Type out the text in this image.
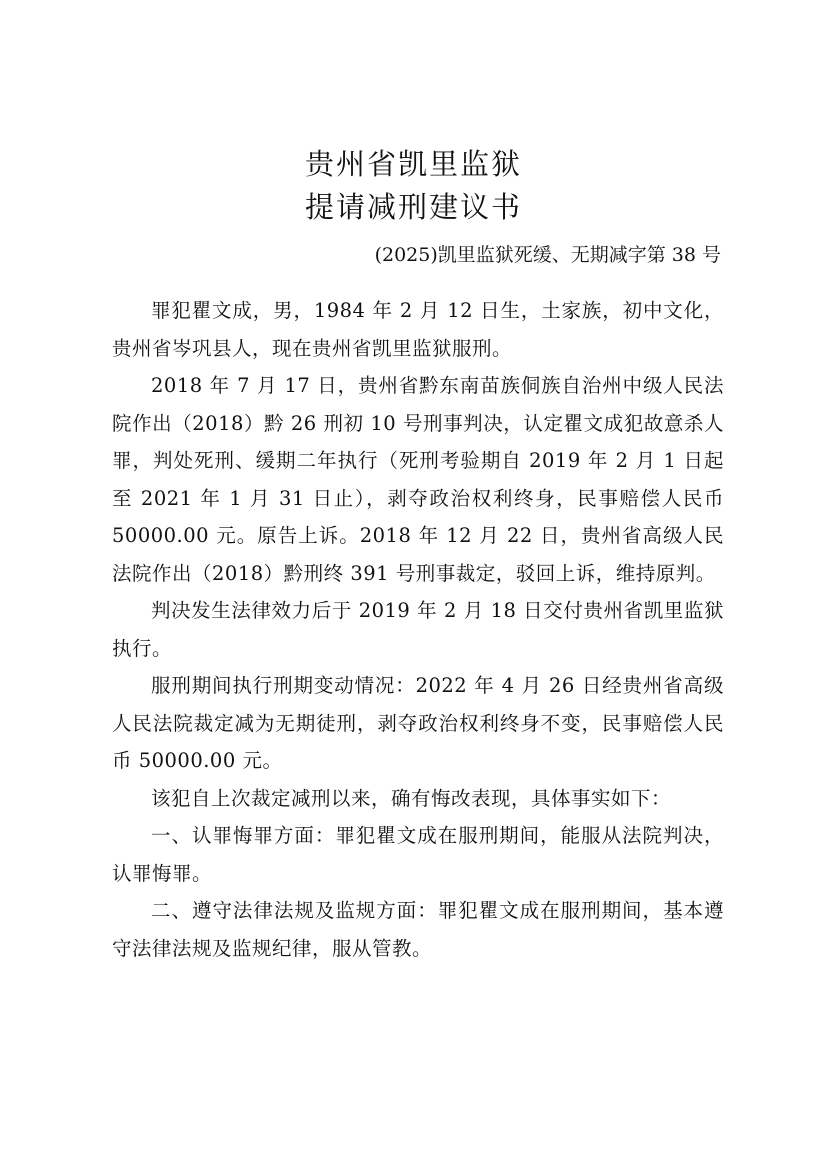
贵州省凯里监狱
提请减刑建议书
(2025)凯里监狱死缓、无期减字第 38 号

罪犯瞿文成，男，1984 年 2 月 12 日生，土家族，初中文化，贵州省岑巩县人，现在贵州省凯里监狱服刑。

2018 年 7 月 17 日，贵州省黔东南苗族侗族自治州中级人民法院作出（2018）黔 26 刑初 10 号刑事判决，认定瞿文成犯故意杀人罪，判处死刑、缓期二年执行（死刑考验期自 2019 年 2 月 1 日起至 2021 年 1 月 31 日止），剥夺政治权利终身，民事赔偿人民币 50000.00 元。原告上诉。2018 年 12 月 22 日，贵州省高级人民法院作出（2018）黔刑终 391 号刑事裁定，驳回上诉，维持原判。

判决发生法律效力后于 2019 年 2 月 18 日交付贵州省凯里监狱执行。

服刑期间执行刑期变动情况：2022 年 4 月 26 日经贵州省高级人民法院裁定减为无期徒刑，剥夺政治权利终身不变，民事赔偿人民币 50000.00 元。

该犯自上次裁定减刑以来，确有悔改表现，具体事实如下：

一、认罪悔罪方面：罪犯瞿文成在服刑期间，能服从法院判决，认罪悔罪。

二、遵守法律法规及监规方面：罪犯瞿文成在服刑期间，基本遵守法律法规及监规纪律，服从管教。
